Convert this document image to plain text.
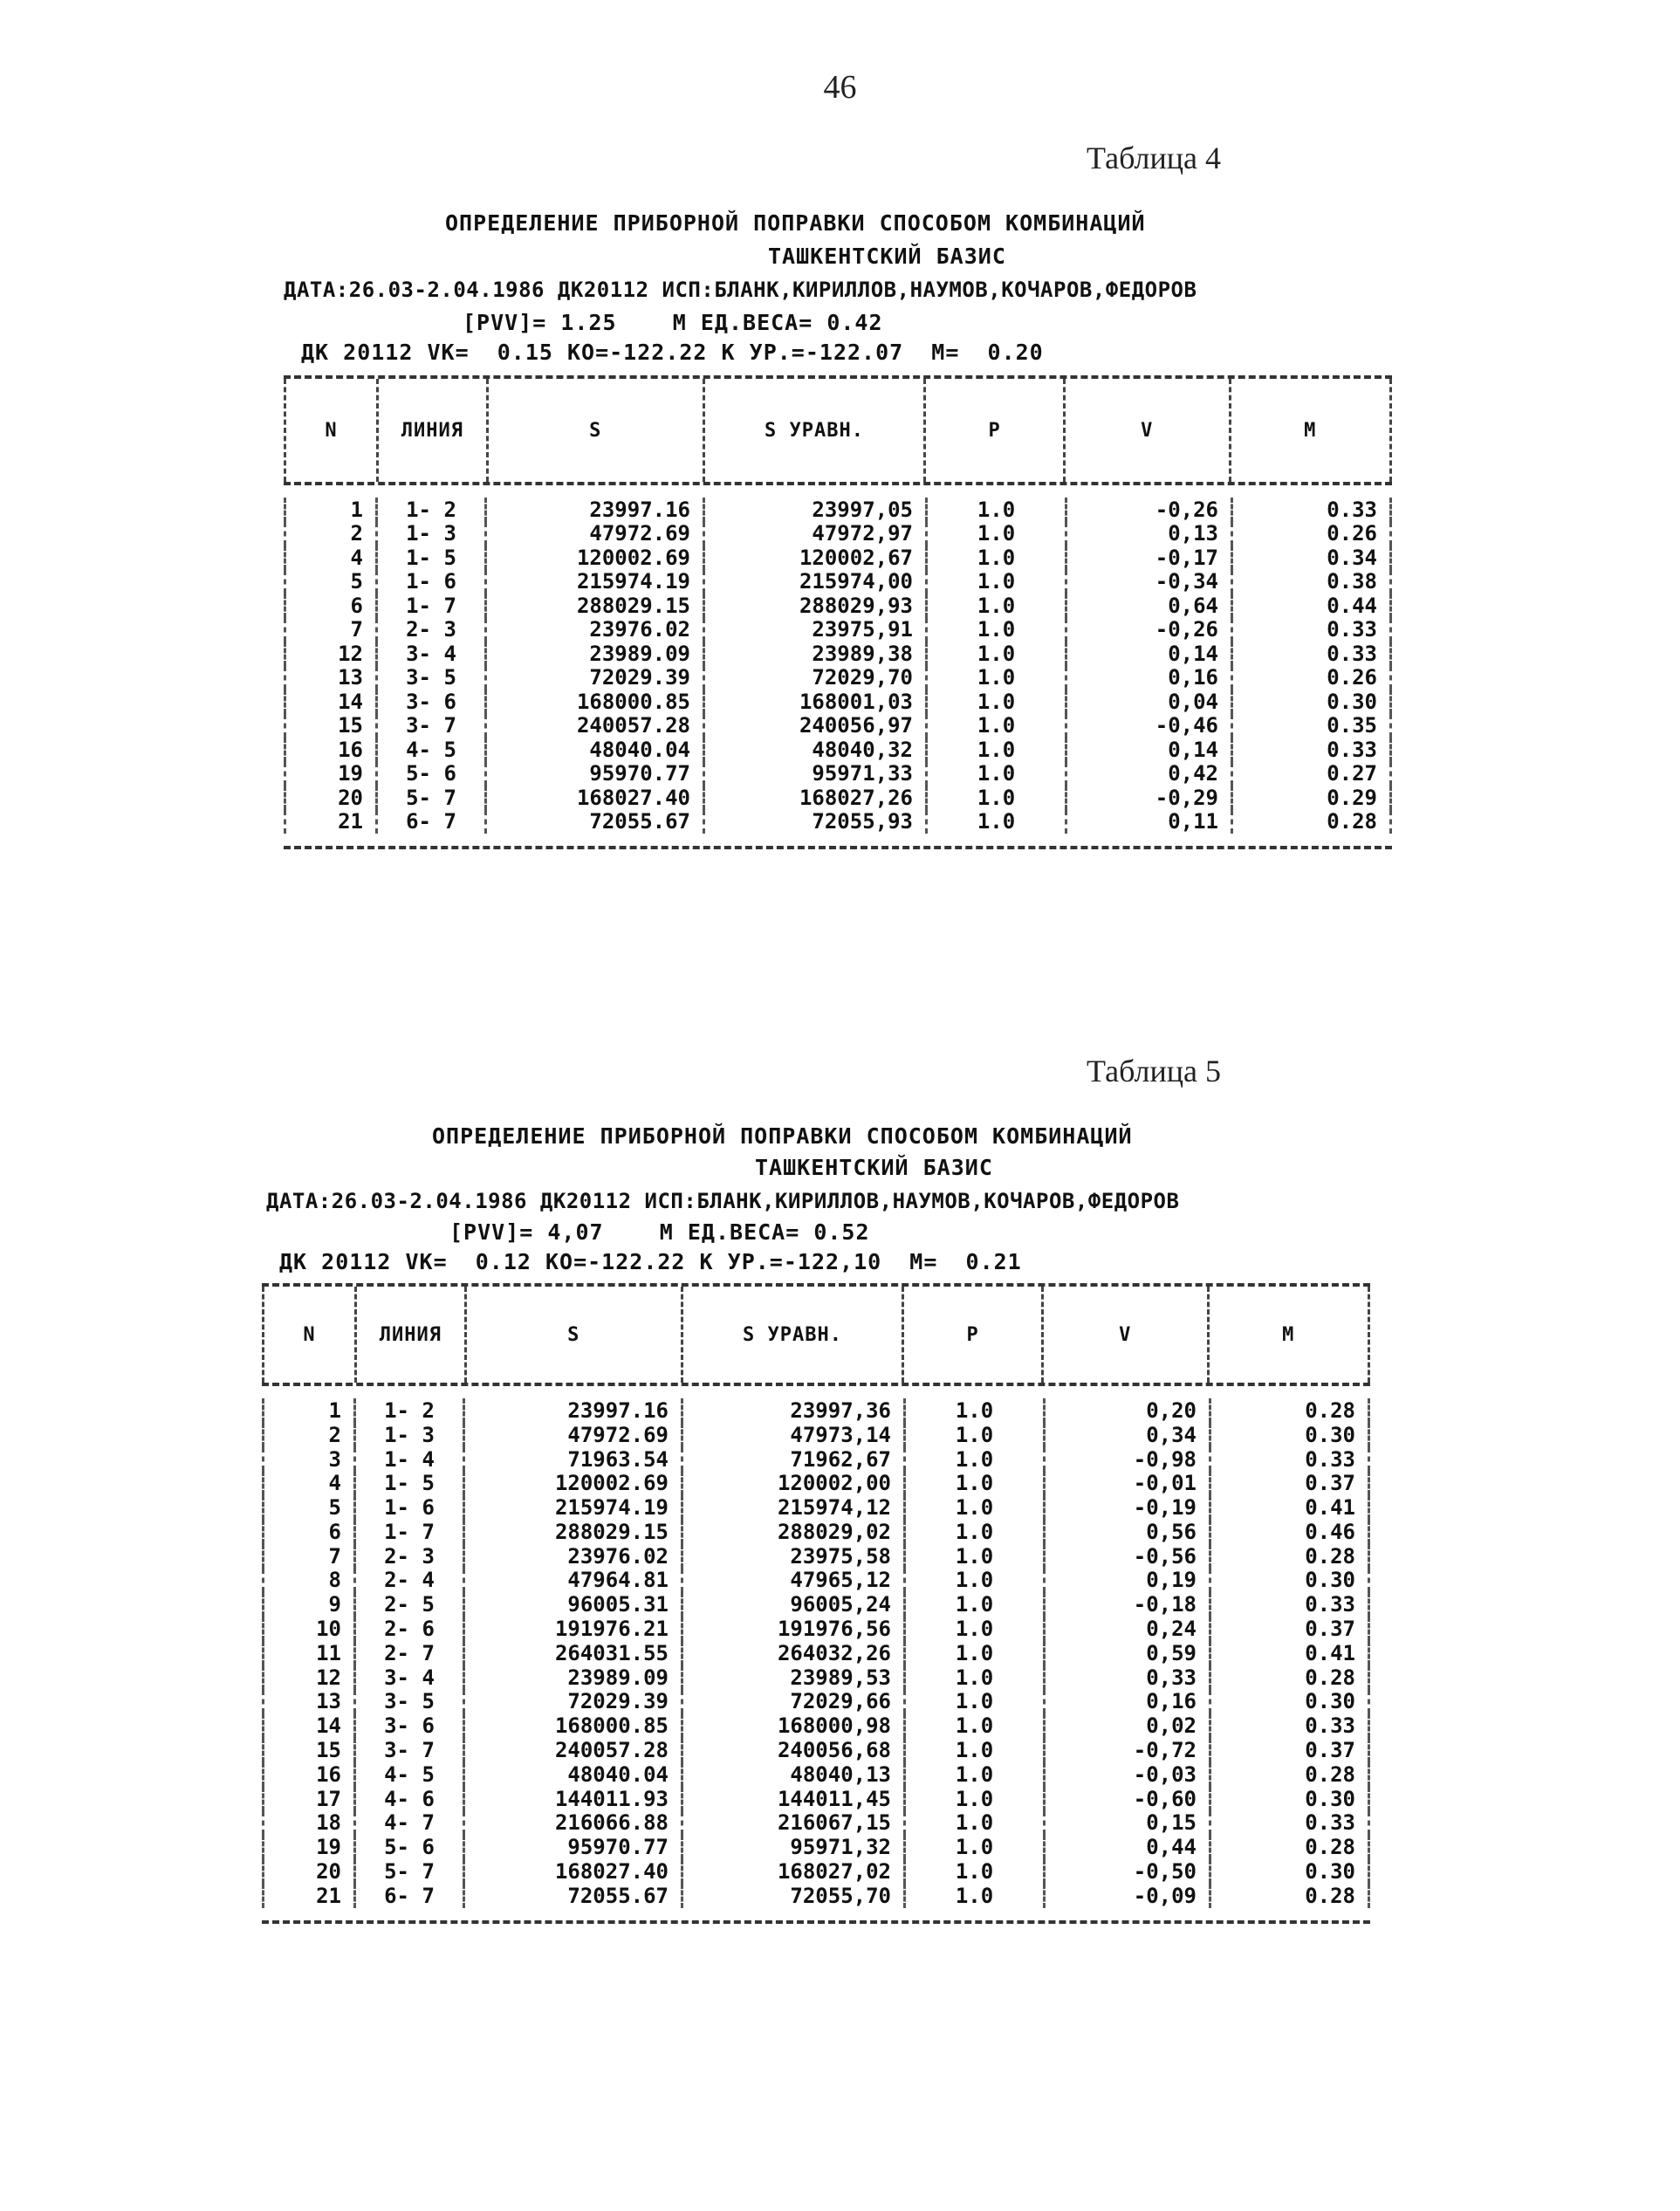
46
Таблица 4
ОПРЕДЕЛЕНИЕ ПРИБОРНОЙ ПОПРАВКИ СПОСОБОМ КОМБИНАЦИЙ
ТАШКЕНТСКИЙ БАЗИС
ДАТА:26.03-2.04.1986 ДК20112 ИСП:БЛАНК,КИРИЛЛОВ,НАУМОВ,КОЧАРОВ,ФЕДОРОВ
[PVV]= 1.25    M ЕД.ВЕСА= 0.42
ДК 20112 VK=  0.15 KO=-122.22 K УР.=-122.07  M=  0.20
N	ЛИНИЯ	S	S УРАВН.	P	V	M
1	1- 2	23997.16	23997,05	1.0	-0,26	0.33
2	1- 3	47972.69	47972,97	1.0	0,13	0.26
4	1- 5	120002.69	120002,67	1.0	-0,17	0.34
5	1- 6	215974.19	215974,00	1.0	-0,34	0.38
6	1- 7	288029.15	288029,93	1.0	0,64	0.44
7	2- 3	23976.02	23975,91	1.0	-0,26	0.33
12	3- 4	23989.09	23989,38	1.0	0,14	0.33
13	3- 5	72029.39	72029,70	1.0	0,16	0.26
14	3- 6	168000.85	168001,03	1.0	0,04	0.30
15	3- 7	240057.28	240056,97	1.0	-0,46	0.35
16	4- 5	48040.04	48040,32	1.0	0,14	0.33
19	5- 6	95970.77	95971,33	1.0	0,42	0.27
20	5- 7	168027.40	168027,26	1.0	-0,29	0.29
21	6- 7	72055.67	72055,93	1.0	0,11	0.28
Таблица 5
ОПРЕДЕЛЕНИЕ ПРИБОРНОЙ ПОПРАВКИ СПОСОБОМ КОМБИНАЦИЙ
ТАШКЕНТСКИЙ БАЗИС
ДАТА:26.03-2.04.1986 ДК20112 ИСП:БЛАНК,КИРИЛЛОВ,НАУМОВ,КОЧАРОВ,ФЕДОРОВ
[PVV]= 4,07    M ЕД.ВЕСА= 0.52
ДК 20112 VK=  0.12 KO=-122.22 K УР.=-122,10  M=  0.21
N	ЛИНИЯ	S	S УРАВН.	P	V	M
1	1- 2	23997.16	23997,36	1.0	0,20	0.28
2	1- 3	47972.69	47973,14	1.0	0,34	0.30
3	1- 4	71963.54	71962,67	1.0	-0,98	0.33
4	1- 5	120002.69	120002,00	1.0	-0,01	0.37
5	1- 6	215974.19	215974,12	1.0	-0,19	0.41
6	1- 7	288029.15	288029,02	1.0	0,56	0.46
7	2- 3	23976.02	23975,58	1.0	-0,56	0.28
8	2- 4	47964.81	47965,12	1.0	0,19	0.30
9	2- 5	96005.31	96005,24	1.0	-0,18	0.33
10	2- 6	191976.21	191976,56	1.0	0,24	0.37
11	2- 7	264031.55	264032,26	1.0	0,59	0.41
12	3- 4	23989.09	23989,53	1.0	0,33	0.28
13	3- 5	72029.39	72029,66	1.0	0,16	0.30
14	3- 6	168000.85	168000,98	1.0	0,02	0.33
15	3- 7	240057.28	240056,68	1.0	-0,72	0.37
16	4- 5	48040.04	48040,13	1.0	-0,03	0.28
17	4- 6	144011.93	144011,45	1.0	-0,60	0.30
18	4- 7	216066.88	216067,15	1.0	0,15	0.33
19	5- 6	95970.77	95971,32	1.0	0,44	0.28
20	5- 7	168027.40	168027,02	1.0	-0,50	0.30
21	6- 7	72055.67	72055,70	1.0	-0,09	0.28
